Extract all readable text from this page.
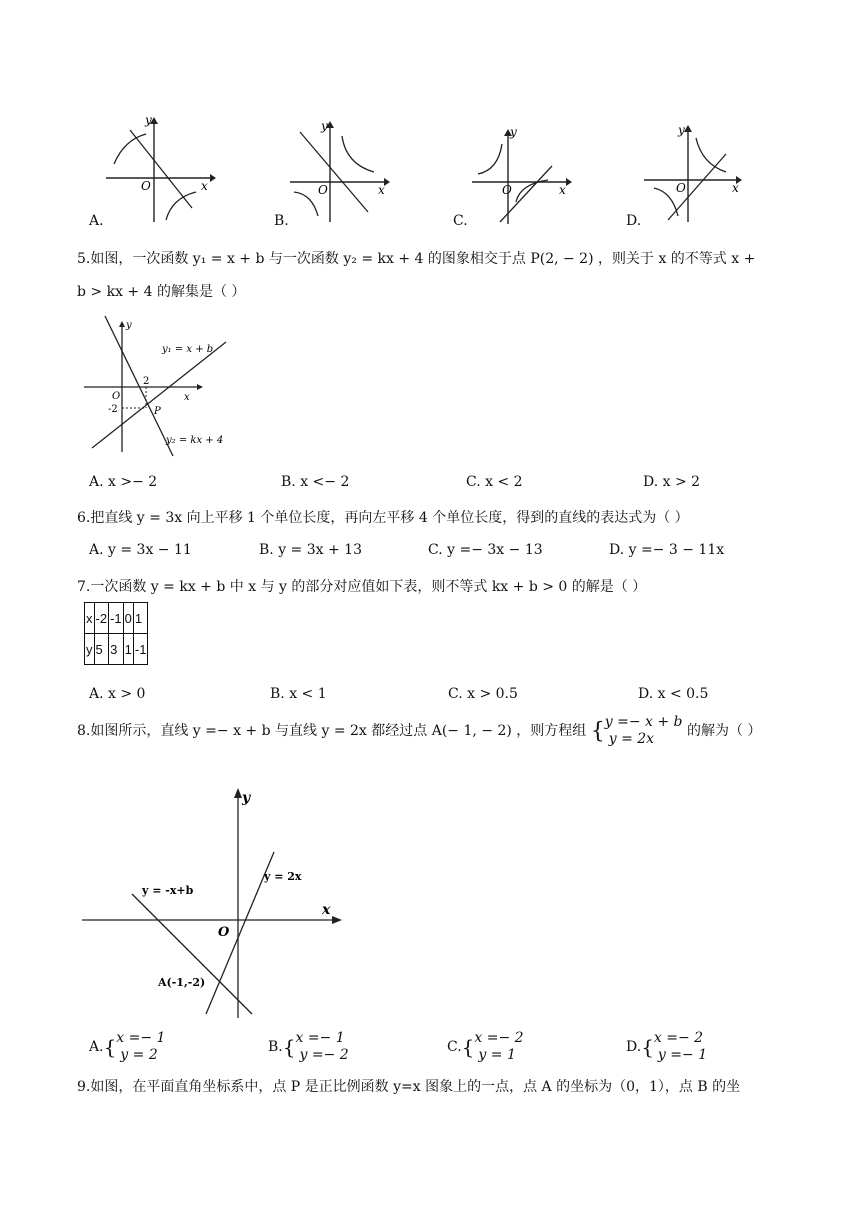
y
x
O
A.
y
x
O
B.
y
x
O
C.
y
x
O
D.
5.如图，一次函数 y₁ = x + b 与一次函数 y₂ = kx + 4 的图象相交于点 P(2, − 2) ，则关于 x 的不等式 x +
b > kx + 4 的解集是（ ）
y
x
O
2
-2	P
y₁ = x + b
y₂ = kx + 4
A. x >− 2	B. x <− 2	C. x < 2	D. x > 2
6.把直线 y = 3x 向上平移 1 个单位长度，再向左平移 4 个单位长度，得到的直线的表达式为（ ）
A. y = 3x − 11	B. y = 3x + 13	C. y =− 3x − 13	D. y =− 3 − 11x
7.一次函数 y = kx + b 中 x 与 y 的部分对应值如下表，则不等式 kx + b > 0 的解是（ ）
x	-2	-1	0	1
y	5	3	1	-1
A. x > 0	B. x < 1	C. x > 0.5	D. x < 0.5
8.如图所示，直线 y =− x + b 与直线 y = 2x 都经过点 A(− 1, − 2) ，则方程组 {y =− x + b
y = 2x 的解为（ ）
x
y
O
y = 2x
y = -x+b
A(-1,-2)
A.{x =− 1
y = 2	B.{x =− 1
y =− 2	C.{x =− 2
y = 1	D.{x =− 2
y =− 1
9.如图，在平面直角坐标系中，点 P 是正比例函数 y=x 图象上的一点，点 A 的坐标为（0，1），点 B 的坐
